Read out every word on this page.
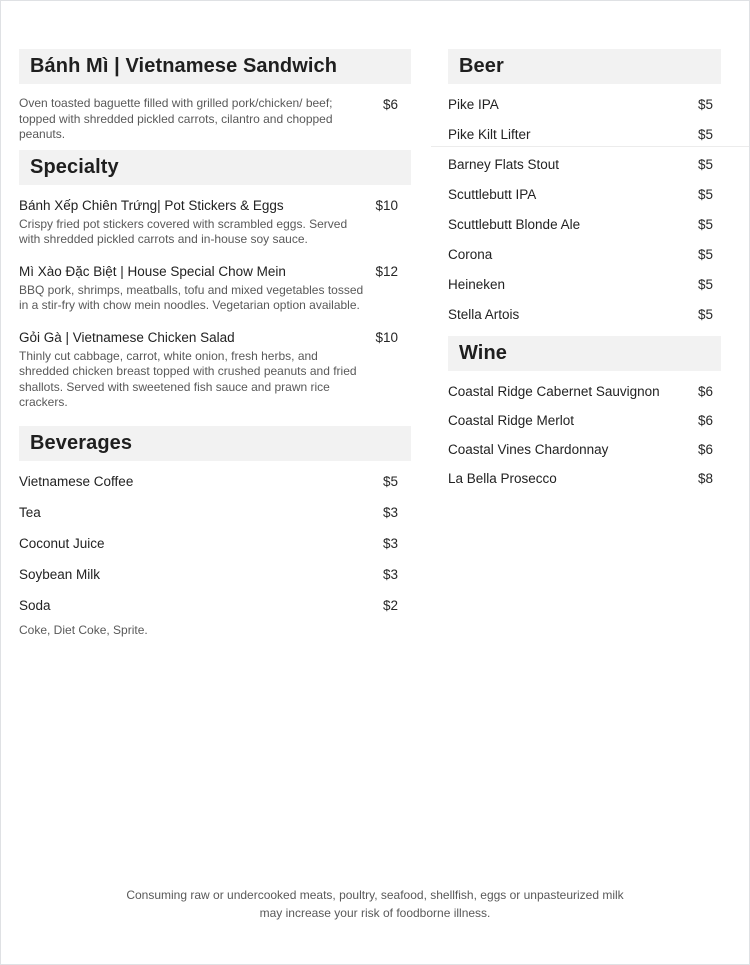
Bánh Mì | Vietnamese Sandwich

Oven toasted baguette filled with grilled pork/chicken/ beef; topped with shredded pickled carrots, cilantro and chopped peanuts.

$6
Specialty
Bánh Xếp Chiên Trứng| Pot Stickers & Eggs	$10

Crispy fried pot stickers covered with scrambled eggs. Served with shredded pickled carrots and in-house soy sauce.

Mì Xào Đặc Biệt | House Special Chow Mein	$12

BBQ pork, shrimps, meatballs, tofu and mixed vegetables tossed in a stir-fry with chow mein noodles. Vegetarian option available.

Gỏi Gà | Vietnamese Chicken Salad	$10

Thinly cut cabbage, carrot, white onion, fresh herbs, and shredded chicken breast topped with crushed peanuts and fried shallots. Served with sweetened fish sauce and prawn rice crackers.

Beverages
Vietnamese Coffee	$5
Tea	$3
Coconut Juice	$3
Soybean Milk	$3
Soda	$2

Coke, Diet Coke, Sprite.

Beer
Pike IPA	$5
Pike Kilt Lifter	$5
Barney Flats Stout	$5
Scuttlebutt IPA	$5
Scuttlebutt Blonde Ale	$5
Corona	$5
Heineken	$5
Stella Artois	$5
Wine
Coastal Ridge Cabernet Sauvignon	$6
Coastal Ridge Merlot	$6
Coastal Vines Chardonnay	$6
La Bella Prosecco	$8
Consuming raw or undercooked meats, poultry, seafood, shellfish, eggs or unpasteurized milk
may increase your risk of foodborne illness.
